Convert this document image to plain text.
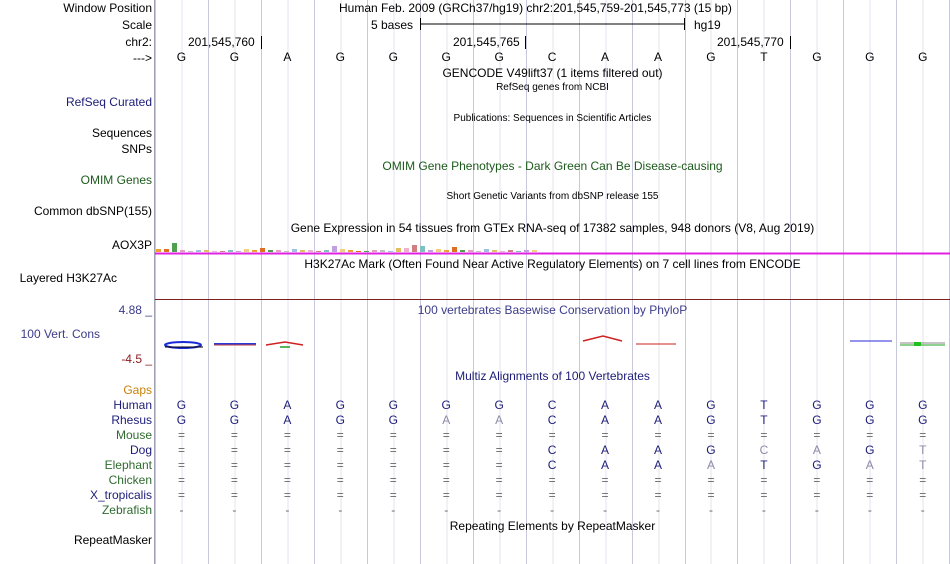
Window Position
Scale
chr2:
--->
Human Feb. 2009 (GRCh37/hg19) chr2:201,545,759-201,545,773 (15 bp)
5 bases	hg19
201,545,760	201,545,765	201,545,770
G	G	A	G	G	G	G	C	A	A	G	T	G	G	G
GENCODE V49lift37 (1 items filtered out)
RefSeq genes from NCBI
RefSeq Curated
Publications: Sequences in Scientific Articles
Sequences
SNPs
OMIM Gene Phenotypes - Dark Green Can Be Disease-causing
OMIM Genes
Short Genetic Variants from dbSNP release 155
Common dbSNP(155)
Gene Expression in 54 tissues from GTEx RNA-seq of 17382 samples, 948 donors (V8, Aug 2019)
AOX3P
H3K27Ac Mark (Often Found Near Active Regulatory Elements) on 7 cell lines from ENCODE
Layered H3K27Ac
100 vertebrates Basewise Conservation by PhyloP
4.88 _
100 Vert. Cons
-4.5 _
Multiz Alignments of 100 Vertebrates
Gaps
Human	G	G	A	G	G	G	G	C	A	A	G	T	G	G	G
Rhesus	G	G	A	G	G	A	A	C	A	A	G	T	G	G	G
Mouse	=	=	=	=	=	=	=	=	=	=	=	=	=	=	=
Dog	=	=	=	=	=	=	=	C	A	A	G	C	A	G	T
Elephant	=	=	=	=	=	=	=	C	A	A	A	T	G	A	T
Chicken	=	=	=	=	=	=	=	=	=	=	=	=	=	=	=
X_tropicalis	=	=	=	=	=	=	=	=	=	=	=	=	=	=	=
Zebrafish	-	-	-	-	-	-	-	-	-	-	-	-	-	-	-
Repeating Elements by RepeatMasker
RepeatMasker
